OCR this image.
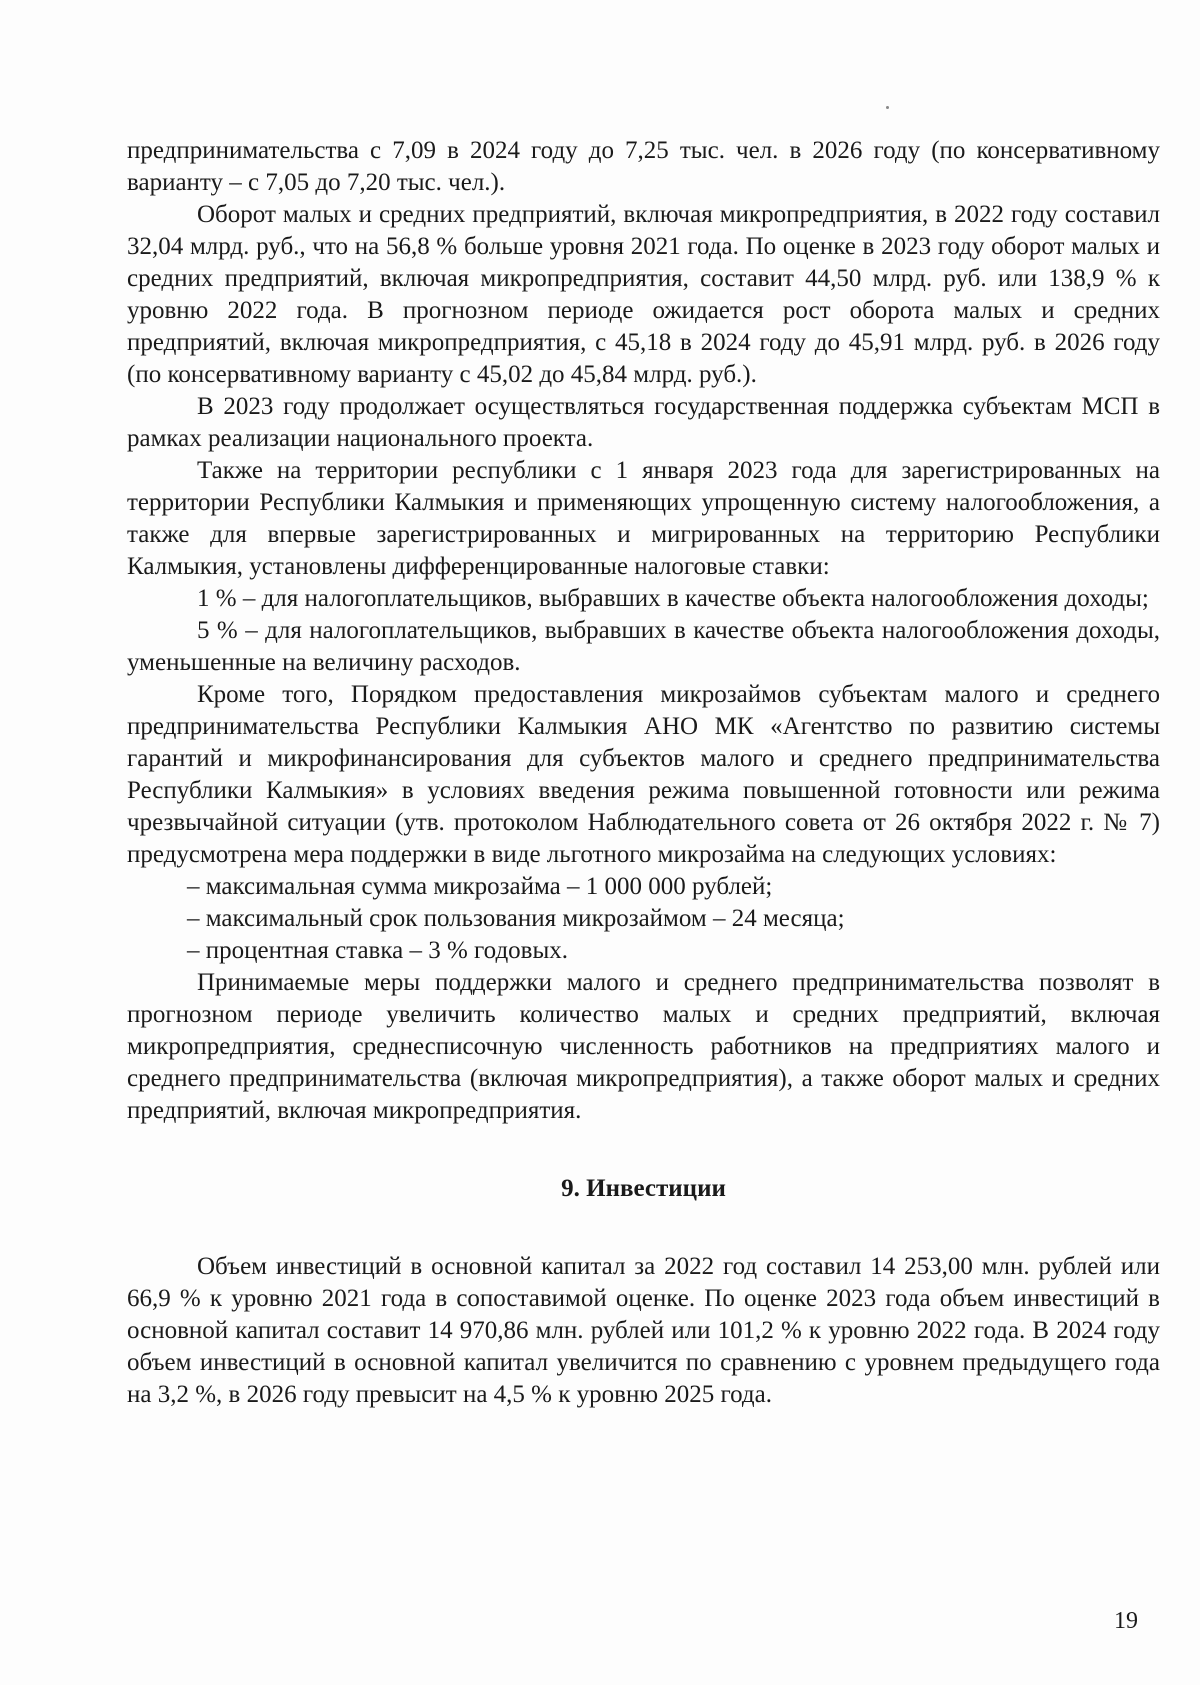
предпринимательства с 7,09 в 2024 году до 7,25 тыс. чел. в 2026 году (по консервативному варианту – с 7,05 до 7,20 тыс. чел.).

Оборот малых и средних предприятий, включая микропредприятия, в 2022 году составил 32,04 млрд. руб., что на 56,8 % больше уровня 2021 года. По оценке в 2023 году оборот малых и средних предприятий, включая микропредприятия, составит 44,50 млрд. руб. или 138,9 % к уровню 2022 года. В прогнозном периоде ожидается рост оборота малых и средних предприятий, включая микропредприятия, с 45,18 в 2024 году до 45,91 млрд. руб. в 2026 году (по консервативному варианту с 45,02 до 45,84 млрд. руб.).

В 2023 году продолжает осуществляться государственная поддержка субъектам МСП в рамках реализации национального проекта.

Также на территории республики с 1 января 2023 года для зарегистрированных на территории Республики Калмыкия и применяющих упрощенную систему налогообложения, а также для впервые зарегистрированных и мигрированных на территорию Республики Калмыкия, установлены дифференцированные налоговые ставки:

1 % – для налогоплательщиков, выбравших в качестве объекта налогообложения доходы;

5 % – для налогоплательщиков, выбравших в качестве объекта налогообложения доходы, уменьшенные на величину расходов.

Кроме того, Порядком предоставления микрозаймов субъектам малого и среднего предпринимательства Республики Калмыкия АНО МК «Агентство по развитию системы гарантий и микрофинансирования для субъектов малого и среднего предпринимательства Республики Калмыкия» в условиях введения режима повышенной готовности или режима чрезвычайной ситуации (утв. протоколом Наблюдательного совета от 26 октября 2022 г. № 7) предусмотрена мера поддержки в виде льготного микрозайма на следующих условиях:

– максимальная сумма микрозайма – 1 000 000 рублей;

– максимальный срок пользования микрозаймом – 24 месяца;

– процентная ставка – 3 % годовых.

Принимаемые меры поддержки малого и среднего предпринимательства позволят в прогнозном периоде увеличить количество малых и средних предприятий, включая микропредприятия, среднесписочную численность работников на предприятиях малого и среднего предпринимательства (включая микропредприятия), а также оборот малых и средних предприятий, включая микропредприятия.

9. Инвестиции

Объем инвестиций в основной капитал за 2022 год составил 14 253,00 млн. рублей или 66,9 % к уровню 2021 года в сопоставимой оценке. По оценке 2023 года объем инвестиций в основной капитал составит 14 970,86 млн. рублей или 101,2 % к уровню 2022 года. В 2024 году объем инвестиций в основной капитал увеличится по сравнению с уровнем предыдущего года на 3,2 %, в 2026 году превысит на 4,5 % к уровню 2025 года.

19
